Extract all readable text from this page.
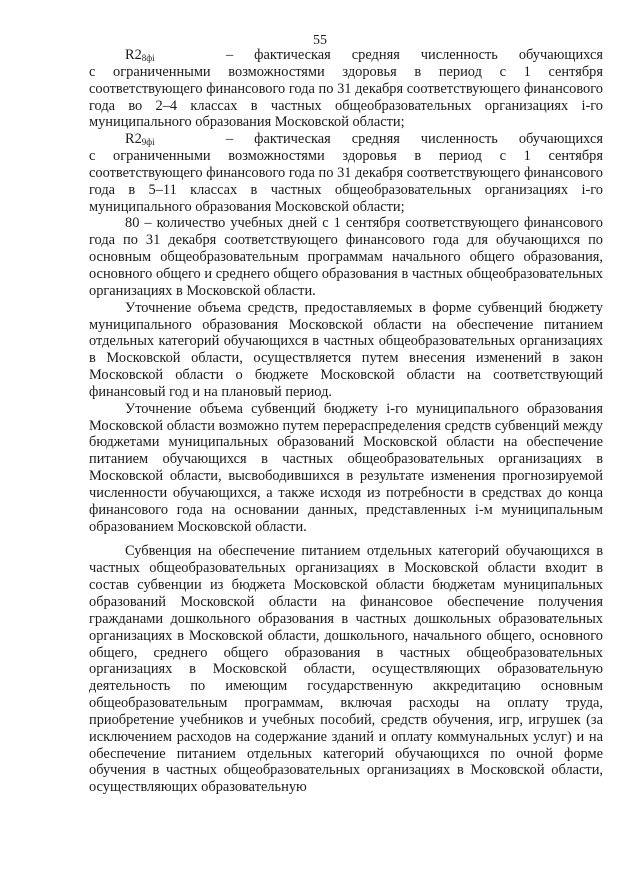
55
$R2_{8фi}$	– фактическая средняя численность обучающихся

с ограниченными возможностями здоровья в период с 1 сентября соответствующего финансового года по 31 декабря соответствующего финансового года во 2–4 классах в частных общеобразовательных организациях i-го муниципального образования Московской области;

$R2_{9фi}$	– фактическая средняя численность обучающихся

с ограниченными возможностями здоровья в период с 1 сентября соответствующего финансового года по 31 декабря соответствующего финансового года в 5–11 классах в частных общеобразовательных организациях i-го муниципального образования Московской области;

80 – количество учебных дней с 1 сентября соответствующего финансового года по 31 декабря соответствующего финансового года для обучающихся по основным общеобразовательным программам начального общего образования, основного общего и среднего общего образования в частных общеобразовательных организациях в Московской области.

Уточнение объема средств, предоставляемых в форме субвенций бюджету муниципального образования Московской области на обеспечение питанием отдельных категорий обучающихся в частных общеобразовательных организациях в Московской области, осуществляется путем внесения изменений в закон Московской области о бюджете Московской области на соответствующий финансовый год и на плановый период.

Уточнение объема субвенций бюджету i-го муниципального образования Московской области возможно путем перераспределения средств субвенций между бюджетами муниципальных образований Московской области на обеспечение питанием обучающихся в частных общеобразовательных организациях в Московской области, высвободившихся в результате изменения прогнозируемой численности обучающихся, а также исходя из потребности в средствах до конца финансового года на основании данных, представленных i-м муниципальным образованием Московской области.

Субвенция на обеспечение питанием отдельных категорий обучающихся в частных общеобразовательных организациях в Московской области входит в состав субвенции из бюджета Московской области бюджетам муниципальных образований Московской области на финансовое обеспечение получения гражданами дошкольного образования в частных дошкольных образовательных организациях в Московской области, дошкольного, начального общего, основного общего, среднего общего образования в частных общеобразовательных организациях в Московской области, осуществляющих образовательную деятельность по имеющим государственную аккредитацию основным общеобразовательным программам, включая расходы на оплату труда, приобретение учебников и учебных пособий, средств обучения, игр, игрушек (за исключением расходов на содержание зданий и оплату коммунальных услуг) и на обеспечение питанием отдельных категорий обучающихся по очной форме обучения в частных общеобразовательных организациях в Московской области, осуществляющих образовательную
